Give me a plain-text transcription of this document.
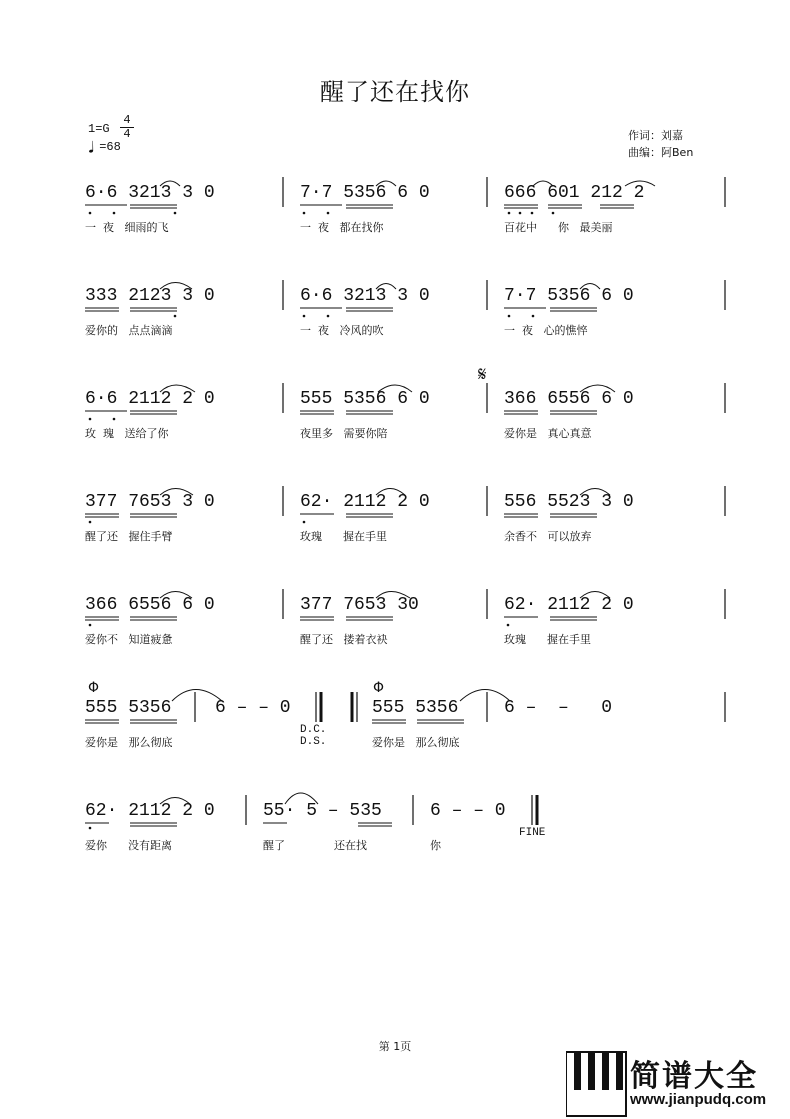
醒了还在找你
$1=G \frac{4}{4}$
♩=68
作词：刘嘉
曲编：阿Ben
6·6 3213 3 0	7·7 5356 6 0	666 601 212 2
一  夜   细雨的飞	一  夜   都在找你	百花中      你   最美丽
333 2123 3 0	6·6 3213 3 0	7·7 5356 6 0
爱你的   点点滴滴	一  夜   冷风的吹	一  夜   心的憔悴
6·6 2112 2 0	555 5356 6 0	366 6556 6 0
玫  瑰   送给了你	夜里多   需要你陪	爱你是   真心真意
377 7653 3 0	62· 2112 2 0	556 5523 3 0
醒了还   握住手臂	玫瑰      握在手里	余香不   可以放弃
366 6556 6 0	377 7653 30	62· 2112 2 0
爱你不   知道疲惫	醒了还   搂着衣袂	玫瑰      握在手里
555 5356 6 – – 0	555 5356	6 –  –   0
爱你是   那么彻底	爱你是   那么彻底
D.C. D.S.
Φ	Φ
62· 2112 2 0	55· 5 – 535	6 – – 0
爱你      没有距离	醒了              还在找	你
FINE
𝄋
第 1页
简谱大全
www.jianpudq.com
